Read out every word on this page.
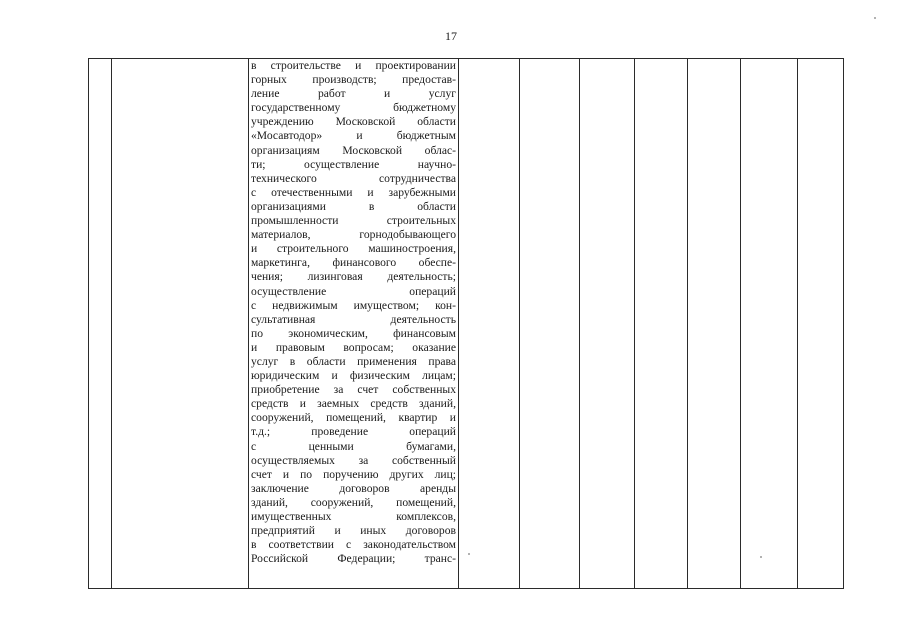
17

в строительстве и проектировании
горных производств; предостав-
ление работ и услуг
государственному бюджетному
учреждению Московской области
«Мосавтодор» и бюджетным
организациям Московской облас-
ти; осуществление научно-
технического сотрудничества
с отечественными и зарубежными
организациями в области
промышленности строительных
материалов, горнодобывающего
и строительного машиностроения,
маркетинга, финансового обеспе-
чения; лизинговая деятельность;
осуществление операций
с недвижимым имуществом; кон-
сультативная деятельность
по экономическим, финансовым
и правовым вопросам; оказание
услуг в области применения права
юридическим и физическим лицам;
приобретение за счет собственных
средств и заемных средств зданий,
сооружений, помещений, квартир и
т.д.; проведение операций
с ценными бумагами,
осуществляемых за собственный
счет и по поручению других лиц;
заключение договоров аренды
зданий, сооружений, помещений,
имущественных комплексов,
предприятий и иных договоров
в соответствии с законодательством
Российской Федерации; транс-
